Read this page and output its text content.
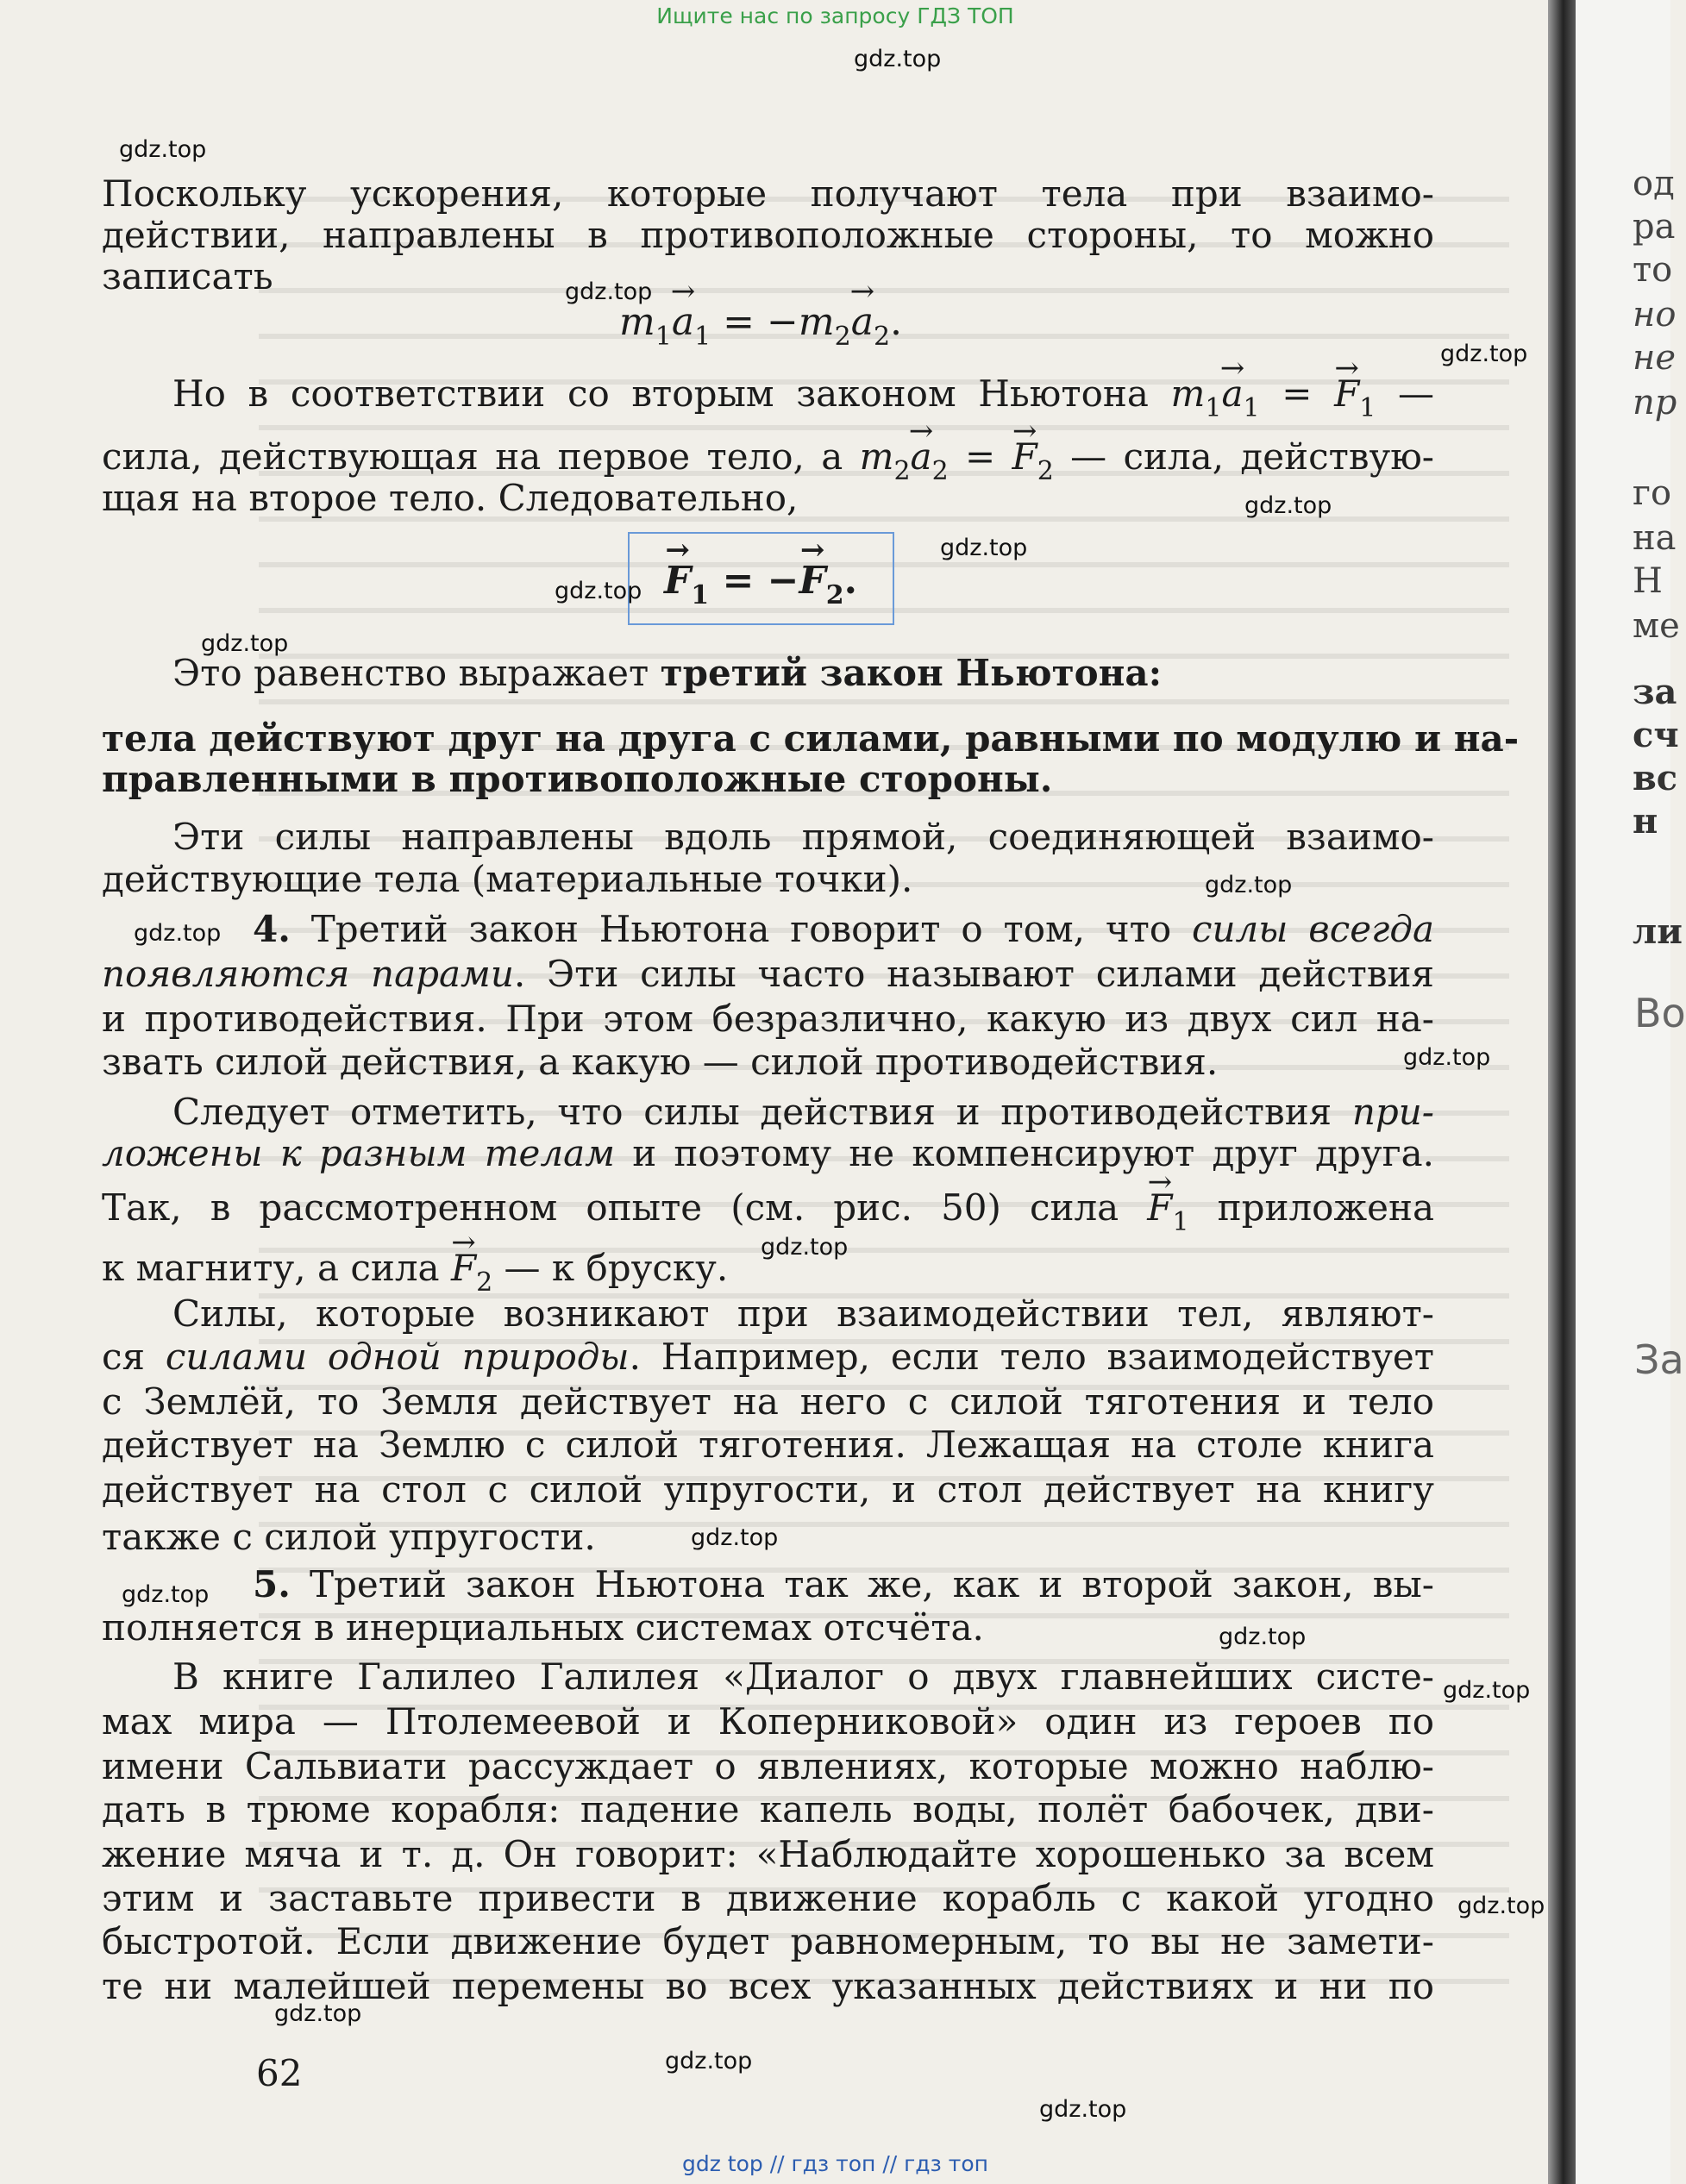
Ищите нас по запросу ГДЗ ТОП
Поскольку ускорения, которые получают тела при взаимо-
действии, направлены в противоположные стороны, то можно
записать
$m_1\to a_1 = -m_2\to a_2$.
Но в соответствии со вторым законом Ньютона $m_1\to a_1$ = → $F_1$ —
сила, действующая на первое тело, а $m_2\to a_2$ = → $F_2$ — сила, действую-
щая на второе тело. Следовательно,
→ $F_1$ = −→ $F_2$.
Это равенство выражает третий закон Ньютона:
тела действуют друг на друга с силами, равными по модулю и на-
правленными в противоположные стороны.
Эти силы направлены вдоль прямой, соединяющей взаимо-
действующие тела (материальные точки).
4. Третий закон Ньютона говорит о том, что силы всегда
появляются парами. Эти силы часто называют силами действия
и противодействия. При этом безразлично, какую из двух сил на-
звать силой действия, а какую — силой противодействия.
Следует отметить, что силы действия и противодействия при-
ложены к разным телам и поэтому не компенсируют друг друга.
Так, в рассмотренном опыте (см. рис. 50) сила → $F_1$ приложена
к магниту, а сила → $F_2$ — к бруску.
Силы, которые возникают при взаимодействии тел, являют-
ся силами одной природы. Например, если тело взаимодействует
с Землёй, то Земля действует на него с силой тяготения и тело
действует на Землю с силой тяготения. Лежащая на столе книга
действует на стол с силой упругости, и стол действует на книгу
также с силой упругости.
5. Третий закон Ньютона так же, как и второй закон, вы-
полняется в инерциальных системах отсчёта.
В книге Галилео Галилея «Диалог о двух главнейших систе-
мах мира — Птолемеевой и Коперниковой» один из героев по
имени Сальвиати рассуждает о явлениях, которые можно наблю-
дать в трюме корабля: падение капель воды, полёт бабочек, дви-
жение мяча и т. д. Он говорит: «Наблюдайте хорошенько за всем
этим и заставьте привести в движение корабль с какой угодно
быстротой. Если движение будет равномерным, то вы не замети-
те ни малейшей перемены во всех указанных действиях и ни по
62
gdz.top
gdz.top
gdz.top
gdz.top
gdz.top
gdz.top
gdz.top
gdz.top
gdz.top
gdz.top
gdz.top
gdz.top
gdz.top
gdz.top
gdz.top
gdz.top
gdz.top
gdz.top
gdz.top
gdz.top
од
ра
то
но
не
пр
го
на
Н
ме
за
сч
вс
н
ли
Во
За
gdz top // гдз топ // гдз топ
